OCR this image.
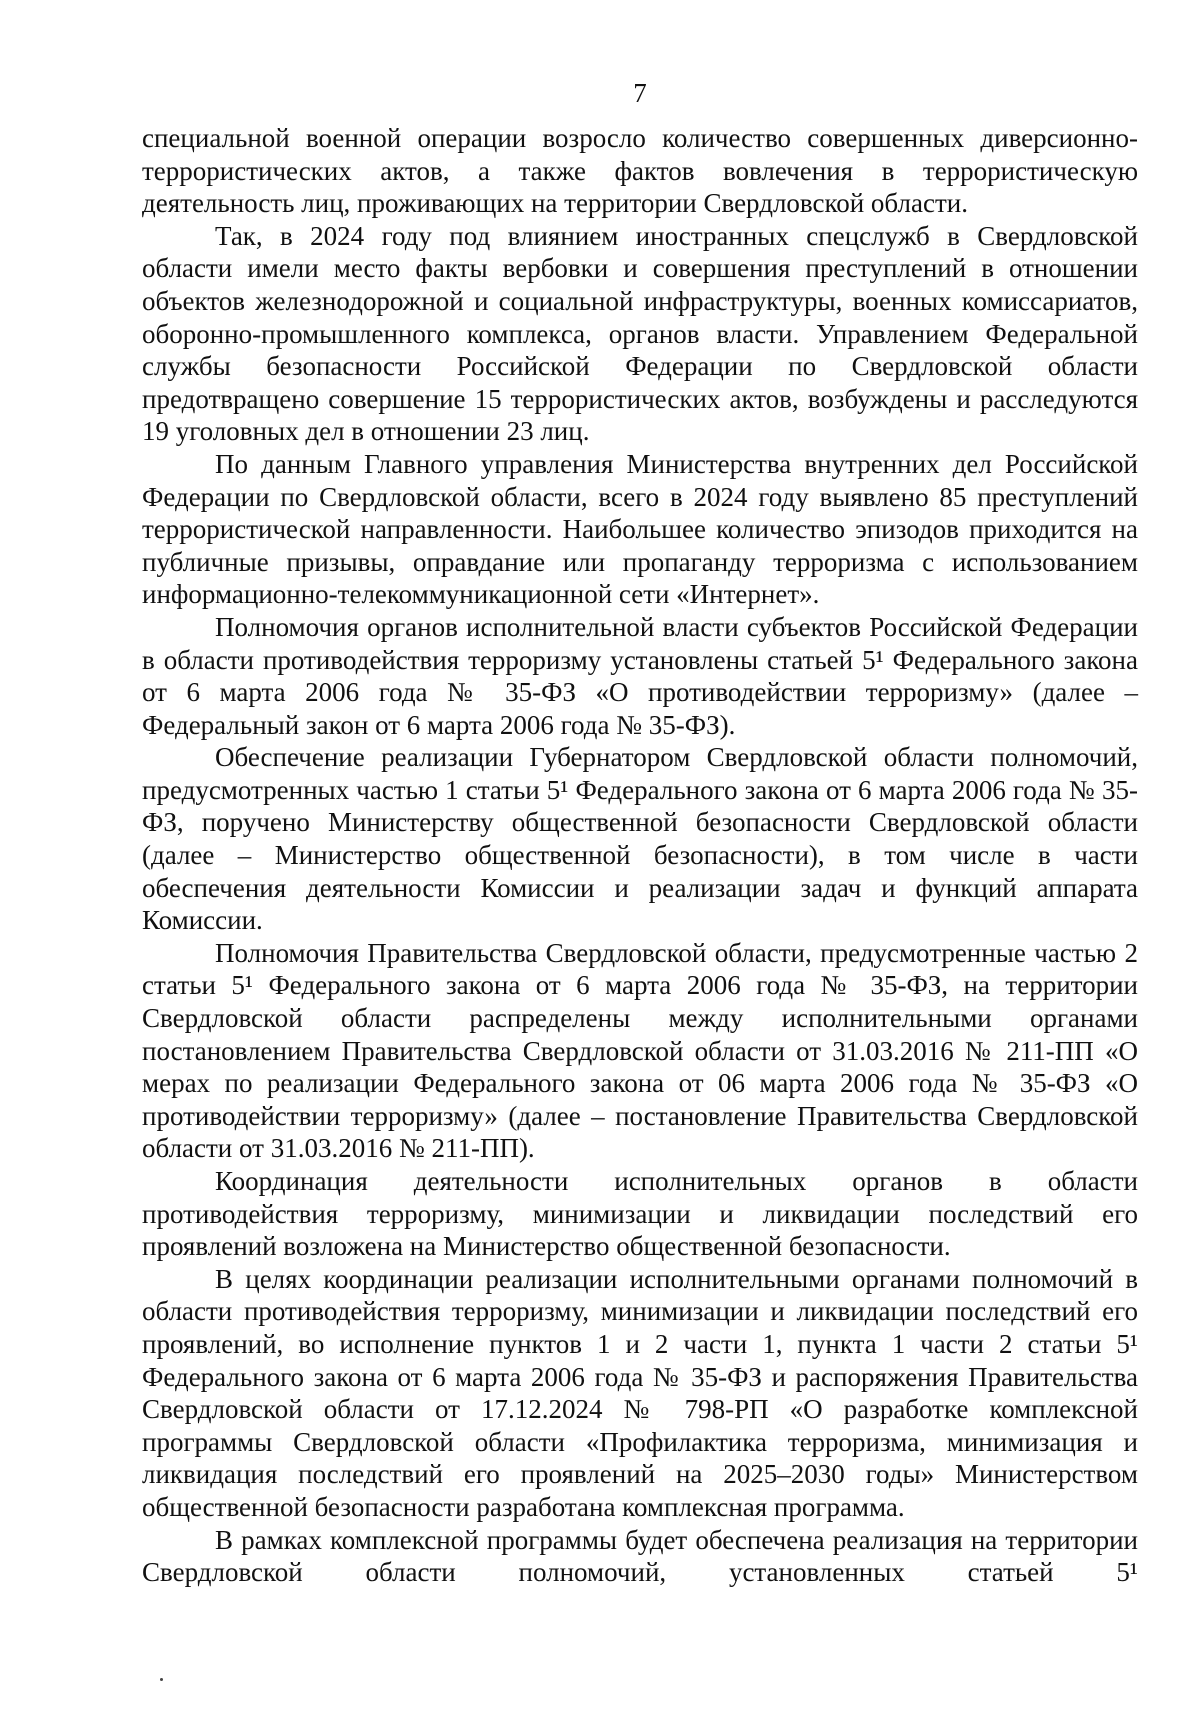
7

специальной военной операции возросло количество совершенных диверсионно-террористических актов, а также фактов вовлечения в террористическую деятельность лиц, проживающих на территории Свердловской области.

Так, в 2024 году под влиянием иностранных спецслужб в Свердловской области имели место факты вербовки и совершения преступлений в отношении объектов железнодорожной и социальной инфраструктуры, военных комиссариатов, оборонно-промышленного комплекса, органов власти. Управлением Федеральной службы безопасности Российской Федерации по Свердловской области предотвращено совершение 15 террористических актов, возбуждены и расследуются 19 уголовных дел в отношении 23 лиц.

По данным Главного управления Министерства внутренних дел Российской Федерации по Свердловской области, всего в 2024 году выявлено 85 преступлений террористической направленности. Наибольшее количество эпизодов приходится на публичные призывы, оправдание или пропаганду терроризма с использованием информационно-телекоммуникационной сети «Интернет».

Полномочия органов исполнительной власти субъектов Российской Федерации в области противодействия терроризму установлены статьей 5¹ Федерального закона от 6 марта 2006 года № 35-ФЗ «О противодействии терроризму» (далее – Федеральный закон от 6 марта 2006 года № 35-ФЗ).

Обеспечение реализации Губернатором Свердловской области полномочий, предусмотренных частью 1 статьи 5¹ Федерального закона от 6 марта 2006 года № 35-ФЗ, поручено Министерству общественной безопасности Свердловской области (далее – Министерство общественной безопасности), в том числе в части обеспечения деятельности Комиссии и реализации задач и функций аппарата Комиссии.

Полномочия Правительства Свердловской области, предусмотренные частью 2 статьи 5¹ Федерального закона от 6 марта 2006 года № 35-ФЗ, на территории Свердловской области распределены между исполнительными органами постановлением Правительства Свердловской области от 31.03.2016 № 211-ПП «О мерах по реализации Федерального закона от 06 марта 2006 года № 35-ФЗ «О противодействии терроризму» (далее – постановление Правительства Свердловской области от 31.03.2016 № 211-ПП).

Координация деятельности исполнительных органов в области противодействия терроризму, минимизации и ликвидации последствий его проявлений возложена на Министерство общественной безопасности.

В целях координации реализации исполнительными органами полномочий в области противодействия терроризму, минимизации и ликвидации последствий его проявлений, во исполнение пунктов 1 и 2 части 1, пункта 1 части 2 статьи 5¹ Федерального закона от 6 марта 2006 года № 35-ФЗ и распоряжения Правительства Свердловской области от 17.12.2024 № 798-РП «О разработке комплексной программы Свердловской области «Профилактика терроризма, минимизация и ликвидация последствий его проявлений на 2025–2030 годы» Министерством общественной безопасности разработана комплексная программа.

В рамках комплексной программы будет обеспечена реализация на территории Свердловской области полномочий, установленных статьей 5¹
